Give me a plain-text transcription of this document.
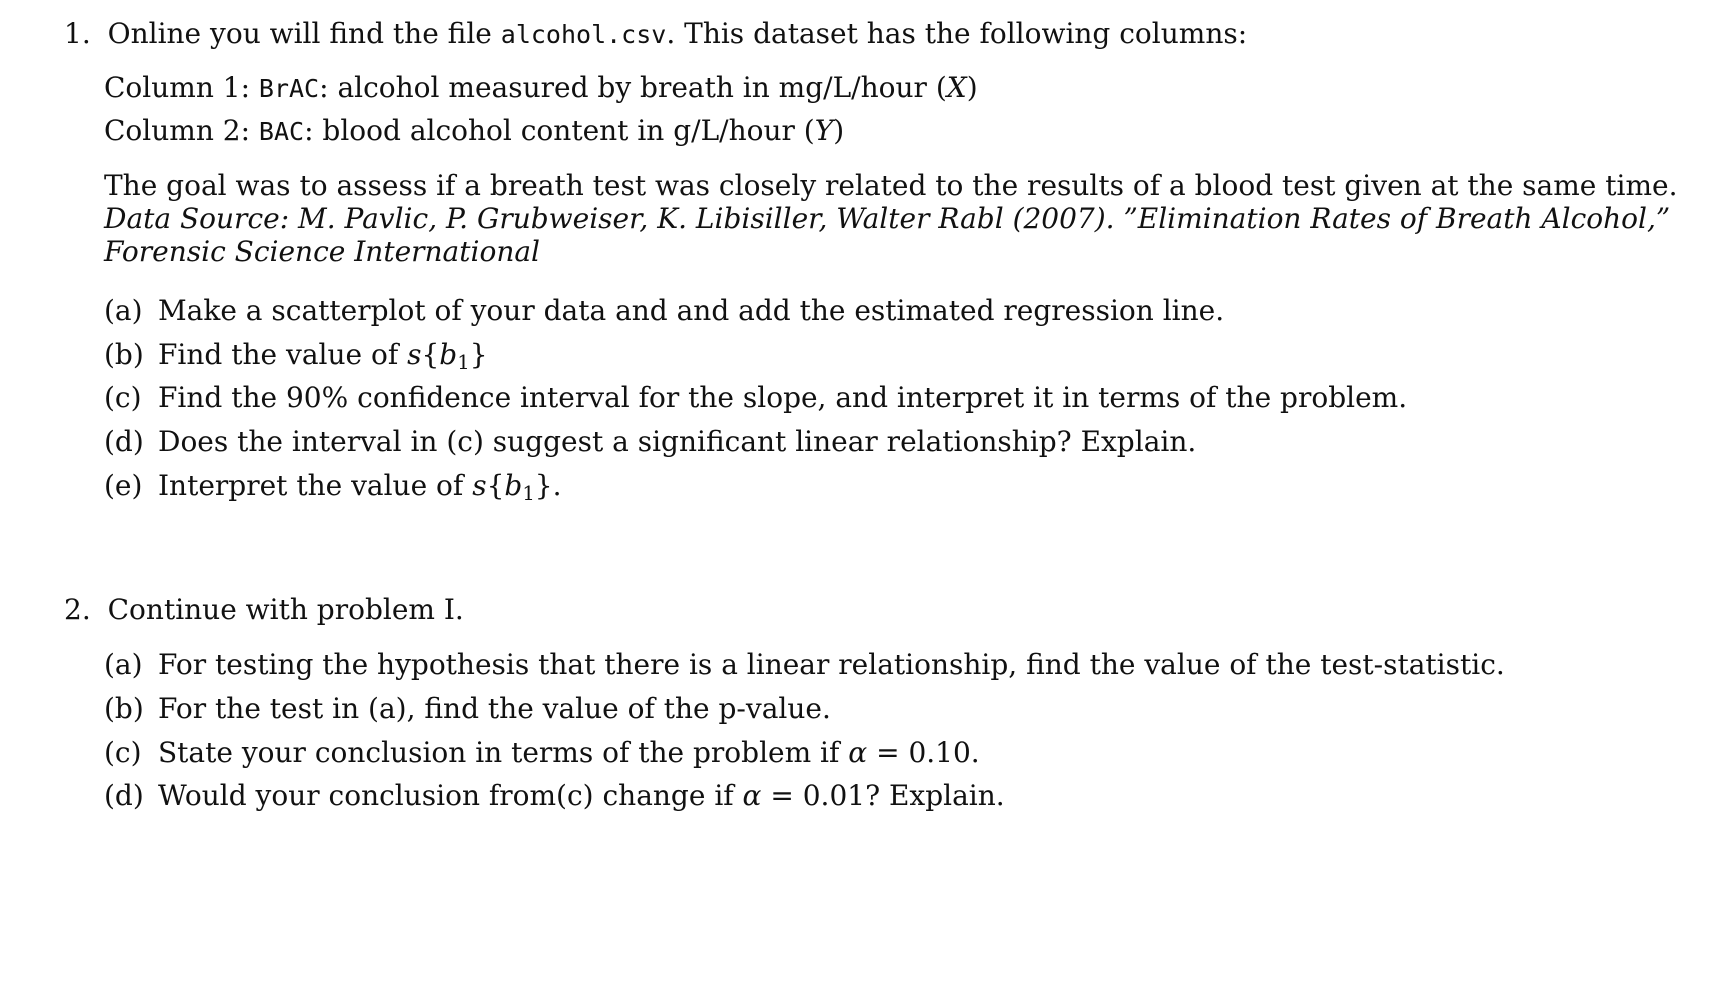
1. Online you will find the file alcohol.csv. This dataset has the following columns:
Column 1: BrAC: alcohol measured by breath in mg/L/hour (X)
Column 2: BAC: blood alcohol content in g/L/hour (Y)
The goal was to assess if a breath test was closely related to the results of a blood test given at the same time.
Data Source: M. Pavlic, P. Grubweiser, K. Libisiller, Walter Rabl (2007). ”Elimination Rates of Breath Alcohol,”
Forensic Science International
(a) Make a scatterplot of your data and and add the estimated regression line.
(b) Find the value of $s\{b_1\}$
(c) Find the 90% confidence interval for the slope, and interpret it in terms of the problem.
(d) Does the interval in (c) suggest a significant linear relationship? Explain.
(e) Interpret the value of $s\{b_1\}$.
2. Continue with problem I.
(a) For testing the hypothesis that there is a linear relationship, find the value of the test-statistic.
(b) For the test in (a), find the value of the p-value.
(c) State your conclusion in terms of the problem if α = 0.10.
(d) Would your conclusion from(c) change if α = 0.01? Explain.
